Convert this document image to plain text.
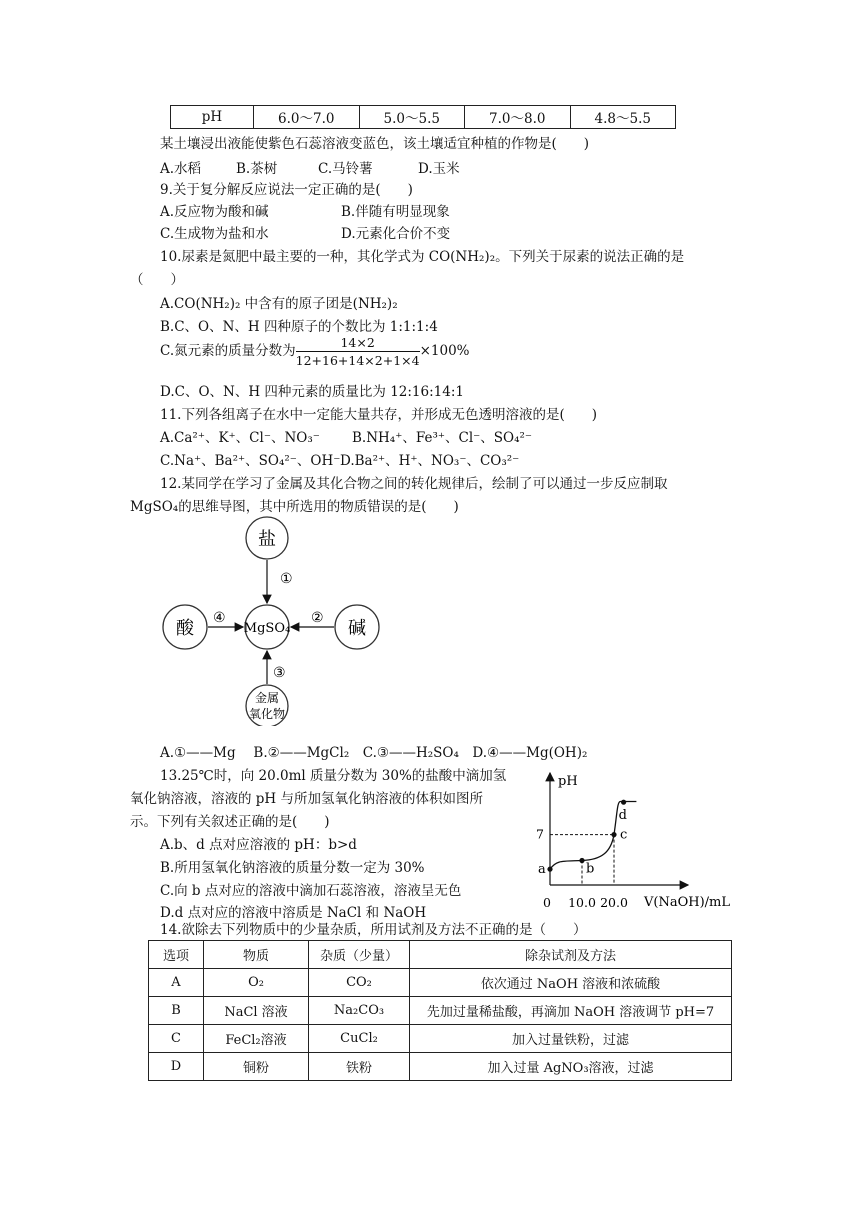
pH	6.0～7.0	5.0～5.5	7.0～8.0	4.8～5.5
某土壤浸出液能使紫色石蕊溶液变蓝色，该土壤适宜种植的作物是(　　)
A.水稻	B.茶树	C.马铃薯	D.玉米
9.关于复分解反应说法一定正确的是(　　)
A.反应物为酸和碱	B.伴随有明显现象
C.生成物为盐和水	D.元素化合价不变
10.尿素是氮肥中最主要的一种，其化学式为 CO(NH₂)₂。下列关于尿素的说法正确的是
（　　）
A.CO(NH₂)₂ 中含有的原子团是(NH₂)₂
B.C、O、N、H 四种原子的个数比为 1:1:1:4
C.氮元素的质量分数为 $\frac{14\times 2}{12+16+14\times 2+1\times 4} \times 100\%$
D.C、O、N、H 四种元素的质量比为 12:16:14:1
11.下列各组离子在水中一定能大量共存，并形成无色透明溶液的是(　　)
A.Ca²⁺、K⁺、Cl⁻、NO₃⁻ B.NH₄⁺、Fe³⁺、Cl⁻、SO₄²⁻
C.Na⁺、Ba²⁺、SO₄²⁻、OH⁻ D.Ba²⁺、H⁺、NO₃⁻、CO₃²⁻
12.某同学在学习了金属及其化合物之间的转化规律后，绘制了可以通过一步反应制取
MgSO₄的思维导图，其中所选用的物质错误的是(　　)
盐
MgSO₄	碱
酸
金属
氧化物
①
②
③
④
A.①——Mg　 B.②——MgCl₂　C.③——H₂SO₄　D.④——Mg(OH)₂
13.25℃时，向 20.0ml 质量分数为 30%的盐酸中滴加氢
氧化钠溶液，溶液的 pH 与所加氢氧化钠溶液的体积如图所
示。下列有关叙述正确的是(　　)
A.b、d 点对应溶液的 pH：b>d
B.所用氢氧化钠溶液的质量分数一定为 30%
C.向 b 点对应的溶液中滴加石蕊溶液，溶液呈无色
D.d 点对应的溶液中溶质是 NaCl 和 NaOH
pH
V(NaOH)/mL
0 10.0 20.0
7
a	b
c
d
14.欲除去下列物质中的少量杂质，所用试剂及方法不正确的是（　　）
选项	物质	杂质（少量）	除杂试剂及方法
A	O₂	CO₂	依次通过 NaOH 溶液和浓硫酸
B	NaCl 溶液	Na₂CO₃	先加过量稀盐酸，再滴加 NaOH 溶液调节 pH=7
C	FeCl₂溶液	CuCl₂	加入过量铁粉，过滤
D	铜粉	铁粉	加入过量 AgNO₃溶液，过滤
